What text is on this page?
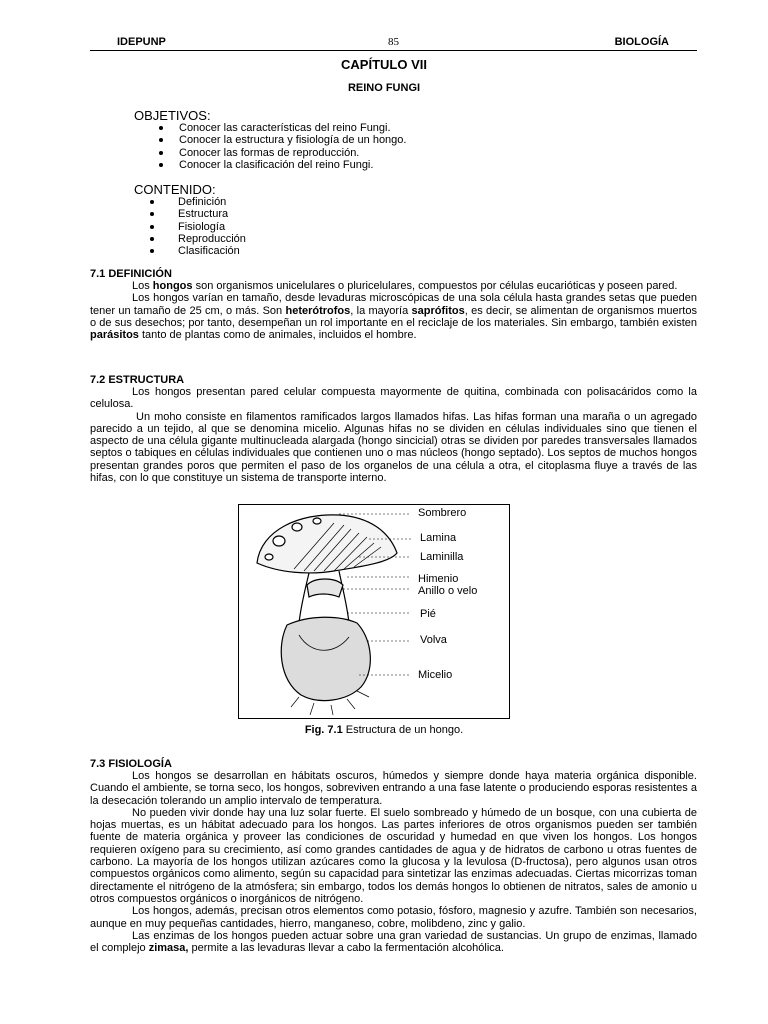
IDEPUNP	85	BIOLOGÍA
CAPÍTULO VII
REINO FUNGI
OBJETIVOS:
Conocer las características del reino Fungi.
Conocer la estructura y fisiología de un hongo.
Conocer las formas de reproducción.
Conocer la clasificación del reino Fungi.
CONTENIDO:
Definición
Estructura
Fisiología
Reproducción
Clasificación
7.1 DEFINICIÓN

Los hongos son organismos unicelulares o pluricelulares, compuestos por células eucarióticas y poseen pared.

Los hongos varían en tamaño, desde levaduras microscópicas de una sola célula hasta grandes setas que pueden tener un tamaño de 25 cm, o más. Son heterótrofos, la mayoría saprófitos, es decir, se alimentan de organismos muertos o de sus desechos; por tanto, desempeñan un rol importante en el reciclaje de los materiales. Sin embargo, también existen parásitos tanto de plantas como de animales, incluidos el hombre.

7.2 ESTRUCTURA

Los hongos presentan pared celular compuesta mayormente de quitina, combinada con polisacáridos como la celulosa.

Un moho consiste en filamentos ramificados largos llamados hifas. Las hifas forman una maraña o un agregado parecido a un tejido, al que se denomina micelio. Algunas hifas no se dividen en células individuales sino que tienen el aspecto de una célula gigante multinucleada alargada (hongo sincicial) otras se dividen por paredes transversales llamados septos o tabiques en células individuales que contienen uno o mas núcleos (hongo septado). Los septos de muchos hongos presentan grandes poros que permiten el paso de los organelos de una célula a otra, el citoplasma fluye a través de las hifas, con lo que constituye un sistema de transporte interno.

Sombrero
Lamina
Laminilla
Himenio
Anillo o velo
Pié
Volva
Micelio
Fig. 7.1 Estructura de un hongo.
7.3 FISIOLOGÍA

Los hongos se desarrollan en hábitats oscuros, húmedos y siempre donde haya materia orgánica disponible. Cuando el ambiente, se torna seco, los hongos, sobreviven entrando a una fase latente o produciendo esporas resistentes a la desecación tolerando un amplio intervalo de temperatura.

No pueden vivir donde hay una luz solar fuerte. El suelo sombreado y húmedo de un bosque, con una cubierta de hojas muertas, es un hábitat adecuado para los hongos. Las partes inferiores de otros organismos pueden ser también fuente de materia orgánica y proveer las condiciones de oscuridad y humedad en que viven los hongos. Los hongos requieren oxígeno para su crecimiento, así como grandes cantidades de agua y de hidratos de carbono u otras fuentes de carbono. La mayoría de los hongos utilizan azúcares como la glucosa y la levulosa (D-fructosa), pero algunos usan otros compuestos orgánicos como alimento, según su capacidad para sintetizar las enzimas adecuadas. Ciertas micorrizas toman directamente el nitrógeno de la atmósfera; sin embargo, todos los demás hongos lo obtienen de nitratos, sales de amonio u otros compuestos orgánicos o inorgánicos de nitrógeno.

Los hongos, además, precisan otros elementos como potasio, fósforo, magnesio y azufre. También son necesarios, aunque en muy pequeñas cantidades, hierro, manganeso, cobre, molibdeno, zinc y galio.

Las enzimas de los hongos pueden actuar sobre una gran variedad de sustancias. Un grupo de enzimas, llamado el complejo zimasa, permite a las levaduras llevar a cabo la fermentación alcohólica.
